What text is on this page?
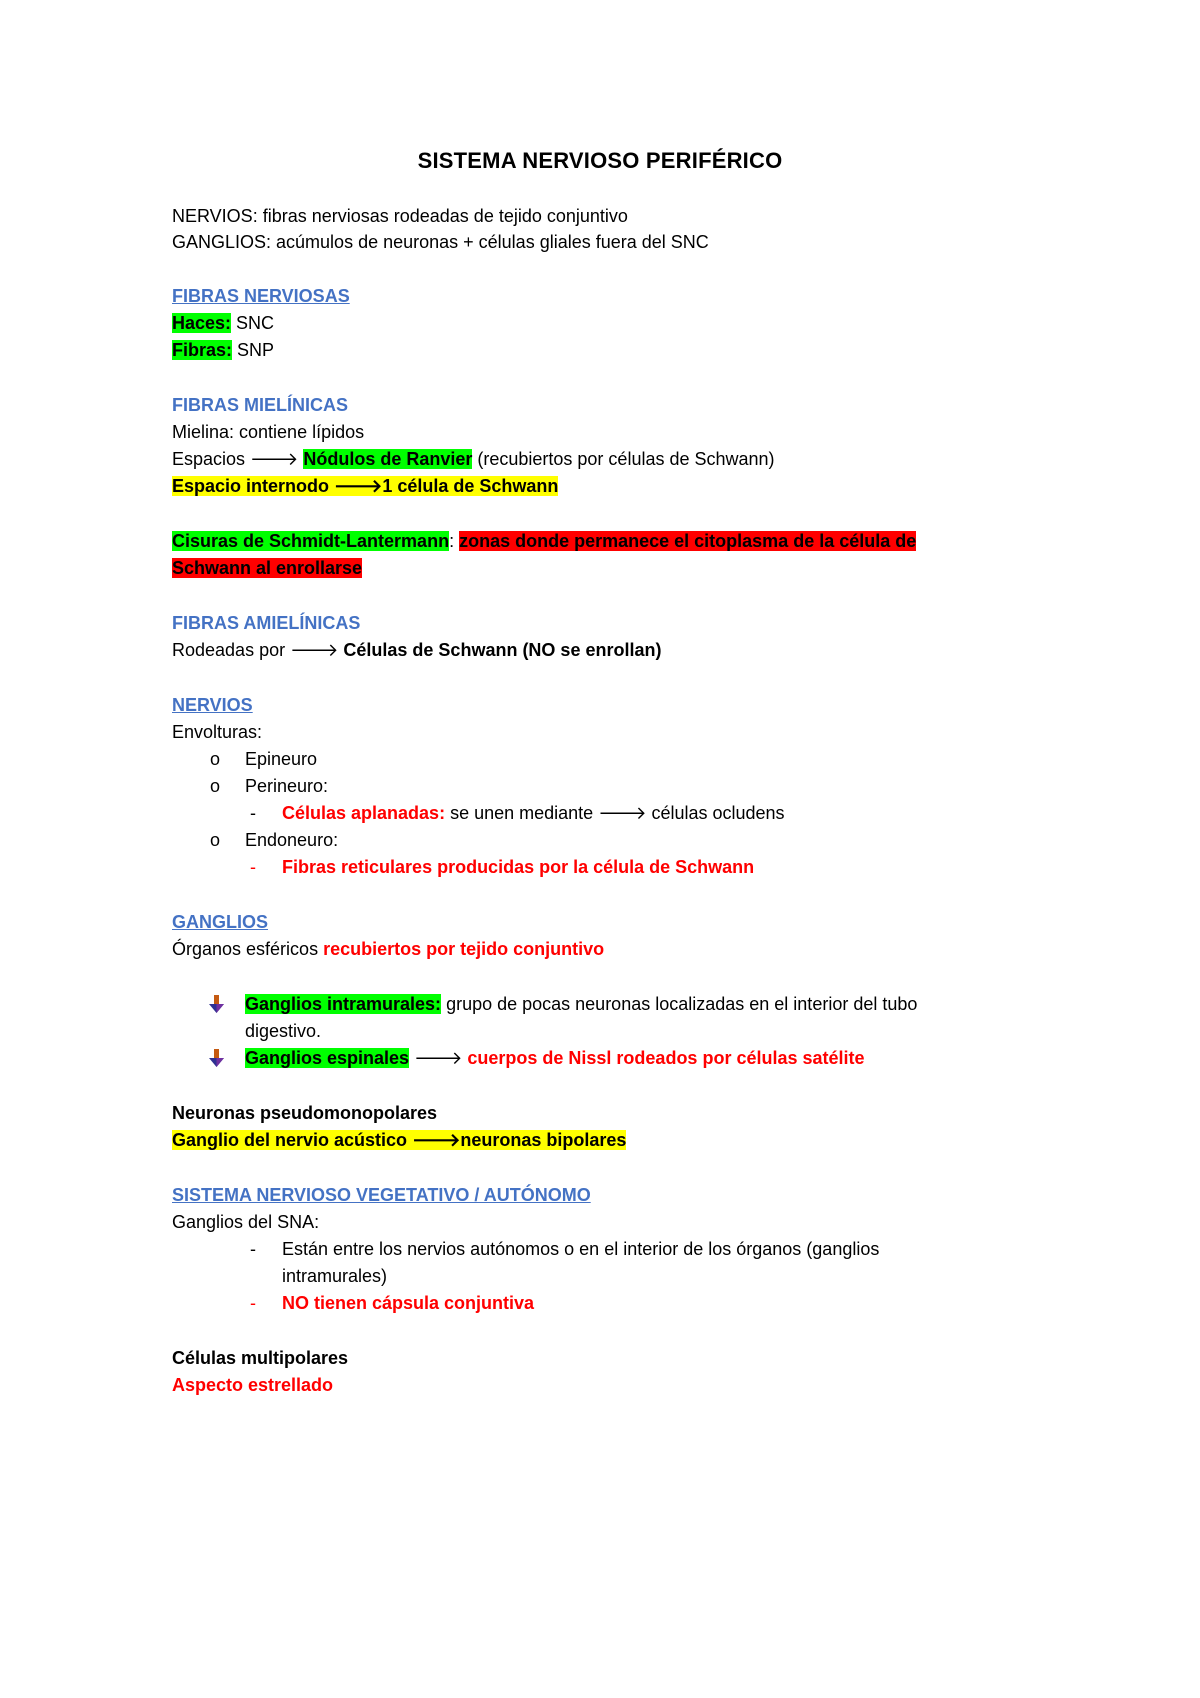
SISTEMA NERVIOSO PERIFÉRICO
NERVIOS: fibras nerviosas rodeadas de tejido conjuntivo
GANGLIOS: acúmulos de neuronas + células gliales fuera del SNC
FIBRAS NERVIOSAS
Haces: SNC
Fibras: SNP
FIBRAS MIELÍNICAS
Mielina: contiene lípidos
Espacios 🡒 Nódulos de Ranvier (recubiertos por células de Schwann)
Espacio internodo 🡒1 célula de Schwann
Cisuras de Schmidt-Lantermann: zonas donde permanece el citoplasma de la célula de
Schwann al enrollarse
FIBRAS AMIELÍNICAS
Rodeadas por 🡒 Células de Schwann (NO se enrollan)
NERVIOS
Envolturas:
o Epineuro
o Perineuro:
- Células aplanadas: se unen mediante 🡒 células ocludens
o Endoneuro:
- Fibras reticulares producidas por la célula de Schwann
GANGLIOS
Órganos esféricos recubiertos por tejido conjuntivo
Ganglios intramurales: grupo de pocas neuronas localizadas en el interior del tubo
digestivo.
Ganglios espinales 🡒 cuerpos de Nissl rodeados por células satélite
Neuronas pseudomonopolares
Ganglio del nervio acústico 🡒neuronas bipolares
SISTEMA NERVIOSO VEGETATIVO / AUTÓNOMO
Ganglios del SNA:
- Están entre los nervios autónomos o en el interior de los órganos (ganglios
intramurales)
- NO tienen cápsula conjuntiva
Células multipolares
Aspecto estrellado
